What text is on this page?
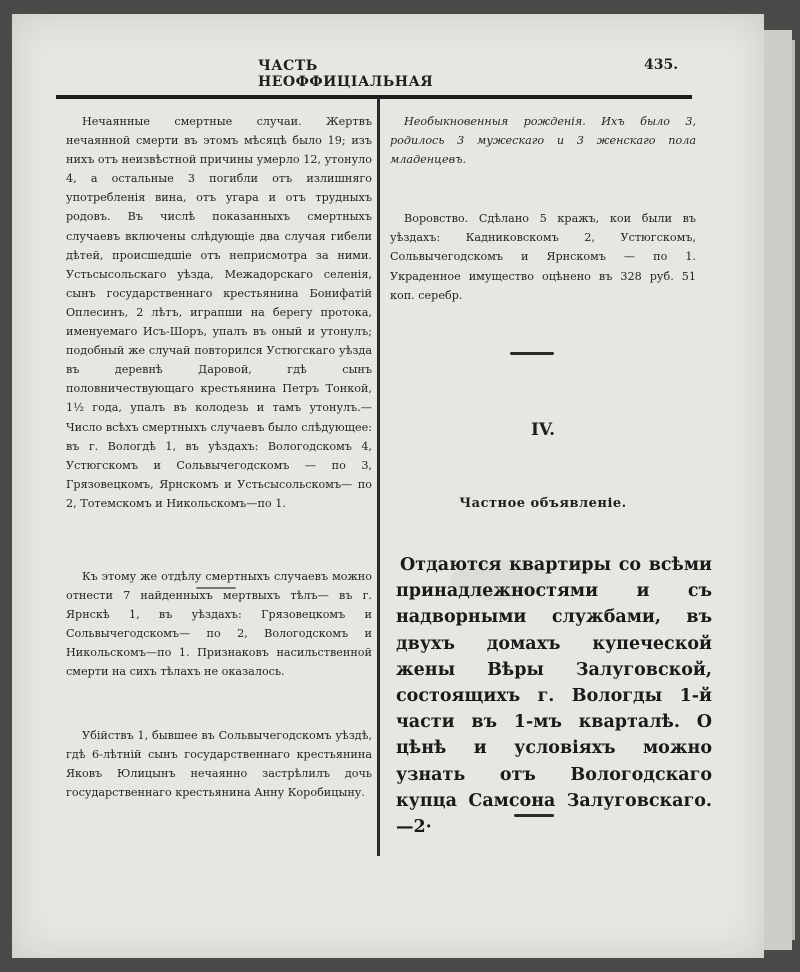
ЧАСТЬ НЕОФФИЦІАЛЬНАЯ
435.

Нечаянные смертные случаи. Жертвъ нечаянной смерти въ этомъ мѣсяцѣ было 19; изъ нихъ отъ неизвѣстной причины умерло 12, утонуло 4, а остальные 3 погибли отъ излишняго употребленія вина, отъ угара и отъ трудныхъ родовъ. Въ числѣ показанныхъ смертныхъ случаевъ включены слѣдующіе два случая гибели дѣтей, происшедшіе отъ неприсмотра за ними. Устьсысольскаго уѣзда, Межадорскаго селенія, сынъ государственнаго крестьянина Бонифатій Оплесинъ, 2 лѣтъ, играпши на берегу протока, именуемаго Исъ-Шоръ, упалъ въ оный и утонулъ; подобный же случай повторился Устюгскаго уѣзда въ деревнѣ Даровой, гдѣ сынъ половничествующаго крестьянина Петръ Тонкой, 1½ года, упалъ въ колодезь и тамъ утонулъ.— Число всѣхъ смертныхъ случаевъ было слѣдующее: въ г. Вологдѣ 1, въ уѣздахъ: Вологодскомъ 4, Устюгскомъ и Сольвычегодскомъ — по 3, Грязовецкомъ, Ярнскомъ и Устьсысольскомъ— по 2, Тотемскомъ и Никольскомъ—по 1.

Къ этому же отдѣлу смертныхъ случаевъ можно отнести 7 найденныхъ мертвыхъ тѣлъ— въ г. Ярнскѣ 1, въ уѣздахъ: Грязовецкомъ и Сольвычегодскомъ— по 2, Вологодскомъ и Никольскомъ—по 1. Признаковъ насильственной смерти на сихъ тѣлахъ не оказалось.

Убійствъ 1, бывшее въ Сольвычегодскомъ уѣздѣ, гдѣ 6-лѣтній сынъ государственнаго крестьянина Яковъ Юлицынъ нечаянно застрѣлилъ дочь государственнаго крестьянина Анну Коробицыну.

Необыкновенныя рожденія. Ихъ было 3, родилось 3 мужескаго и 3 женскаго пола младенцевъ.

Воровство. Сдѣлано 5 кражъ, кои были въ уѣздахъ: Кадниковскомъ 2, Устюгскомъ, Сольвычегодскомъ и Ярнскомъ — по 1. Украденное имущество оцѣнено въ 328 руб. 51 коп. серебр.

IV.
Частное объявленіе.

Отдаются квартиры со всѣми принадлежностями и съ надворными службами, въ двухъ домахъ купеческой жены Вѣры Залуговской, состоящихъ г. Вологды 1-й части въ 1-мъ кварталѣ. О цѣнѣ и условіяхъ можно узнать отъ Вологодскаго купца Самсона Залуговскаго.—2·
